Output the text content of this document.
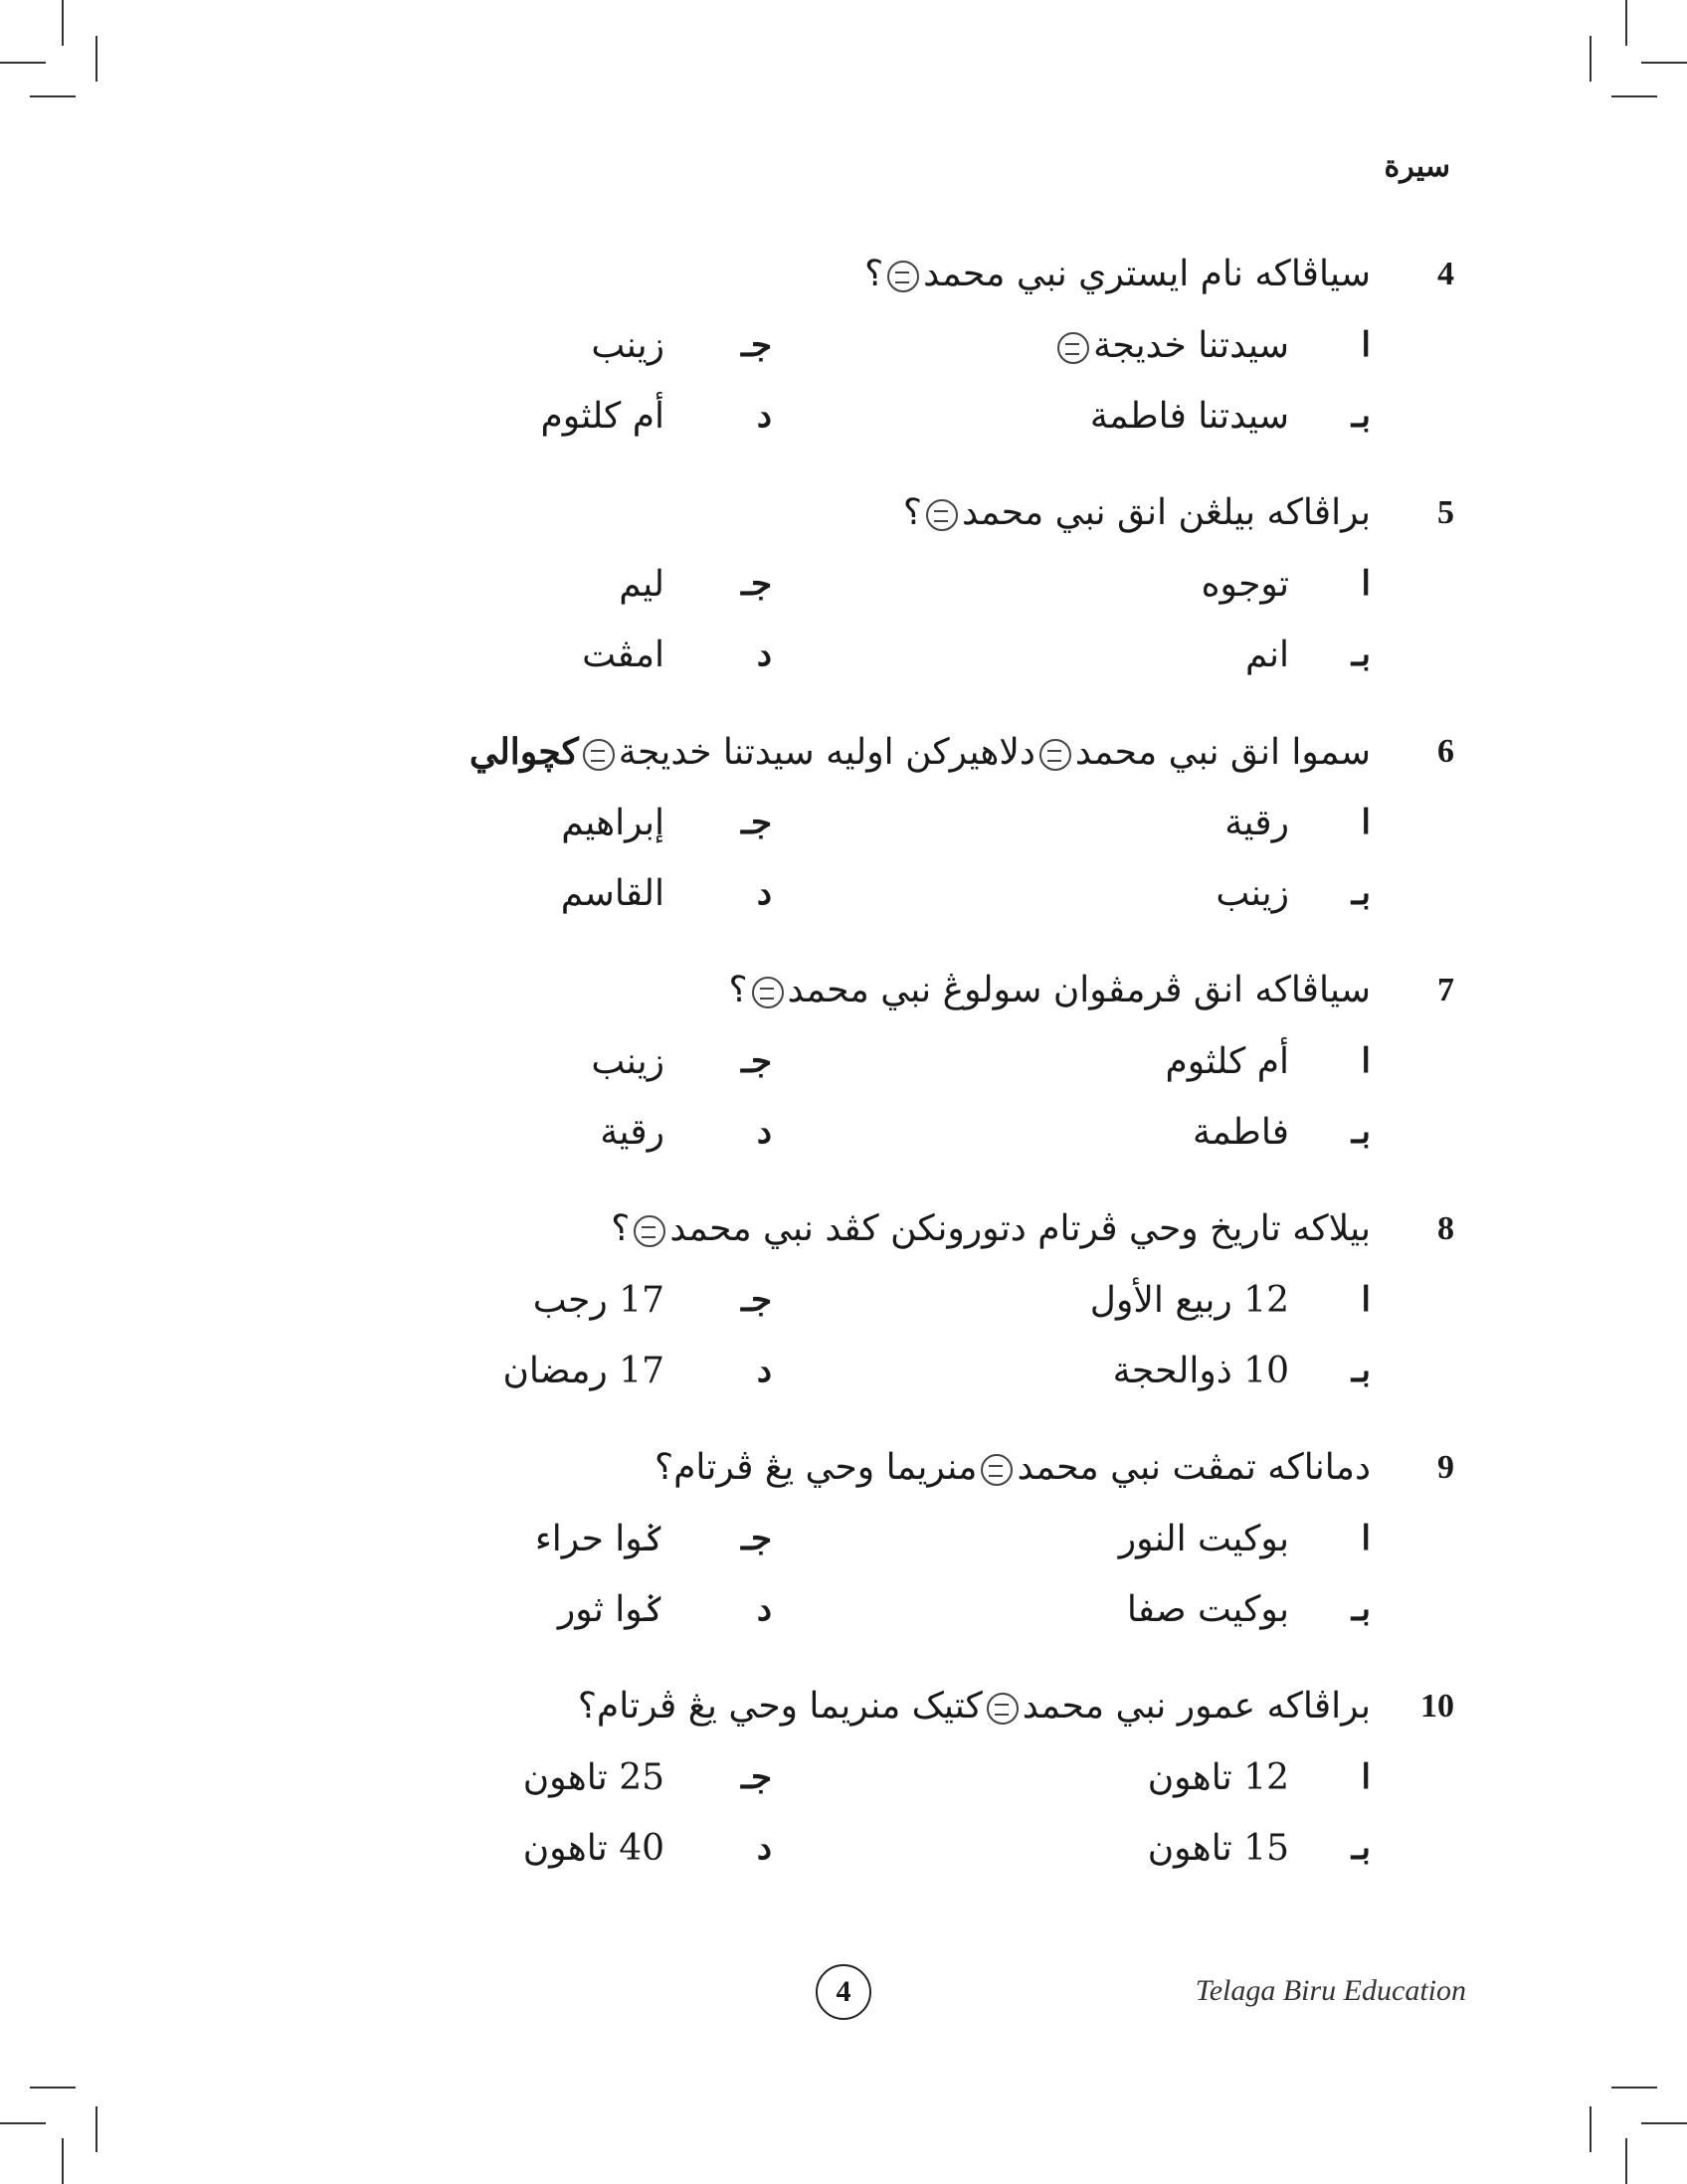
سيرة
4
سياڤاكه نام ايستري نبي محمد؟
ا
سيدتنا خديجة
بـ
سيدتنا فاطمة
جـ
زينب
د
أم كلثوم
5
براڤاكه بيلڠن انق نبي محمد؟
ا
توجوه
بـ
انم
جـ
ليم
د
امڤت
6
سموا انق نبي محمددلاهيركن اوليه سيدتنا خديجةكچوالي
ا
رقية
بـ
زينب
جـ
إبراهيم
د
القاسم
7
سياڤاكه انق ڤرمڤوان سولوڠ نبي محمد؟
ا
أم كلثوم
بـ
فاطمة
جـ
زينب
د
رقية
8
بيلاكه تاريخ وحي ڤرتام دتورونكن كڤد نبي محمد؟
ا
12 ربيع الأول
بـ
10 ذوالحجة
جـ
17 رجب
د
17 رمضان
9
دماناكه تمڤت نبي محمدمنريما وحي يڠ ڤرتام؟
ا
بوكيت النور
بـ
بوكيت صفا
جـ
ݢوا حراء
د
ݢوا ثور
10
براڤاكه عمور نبي محمدكتيک منريما وحي يڠ ڤرتام؟
ا
12 تاهون
بـ
15 تاهون
جـ
25 تاهون
د
40 تاهون
4	Telaga Biru Education
